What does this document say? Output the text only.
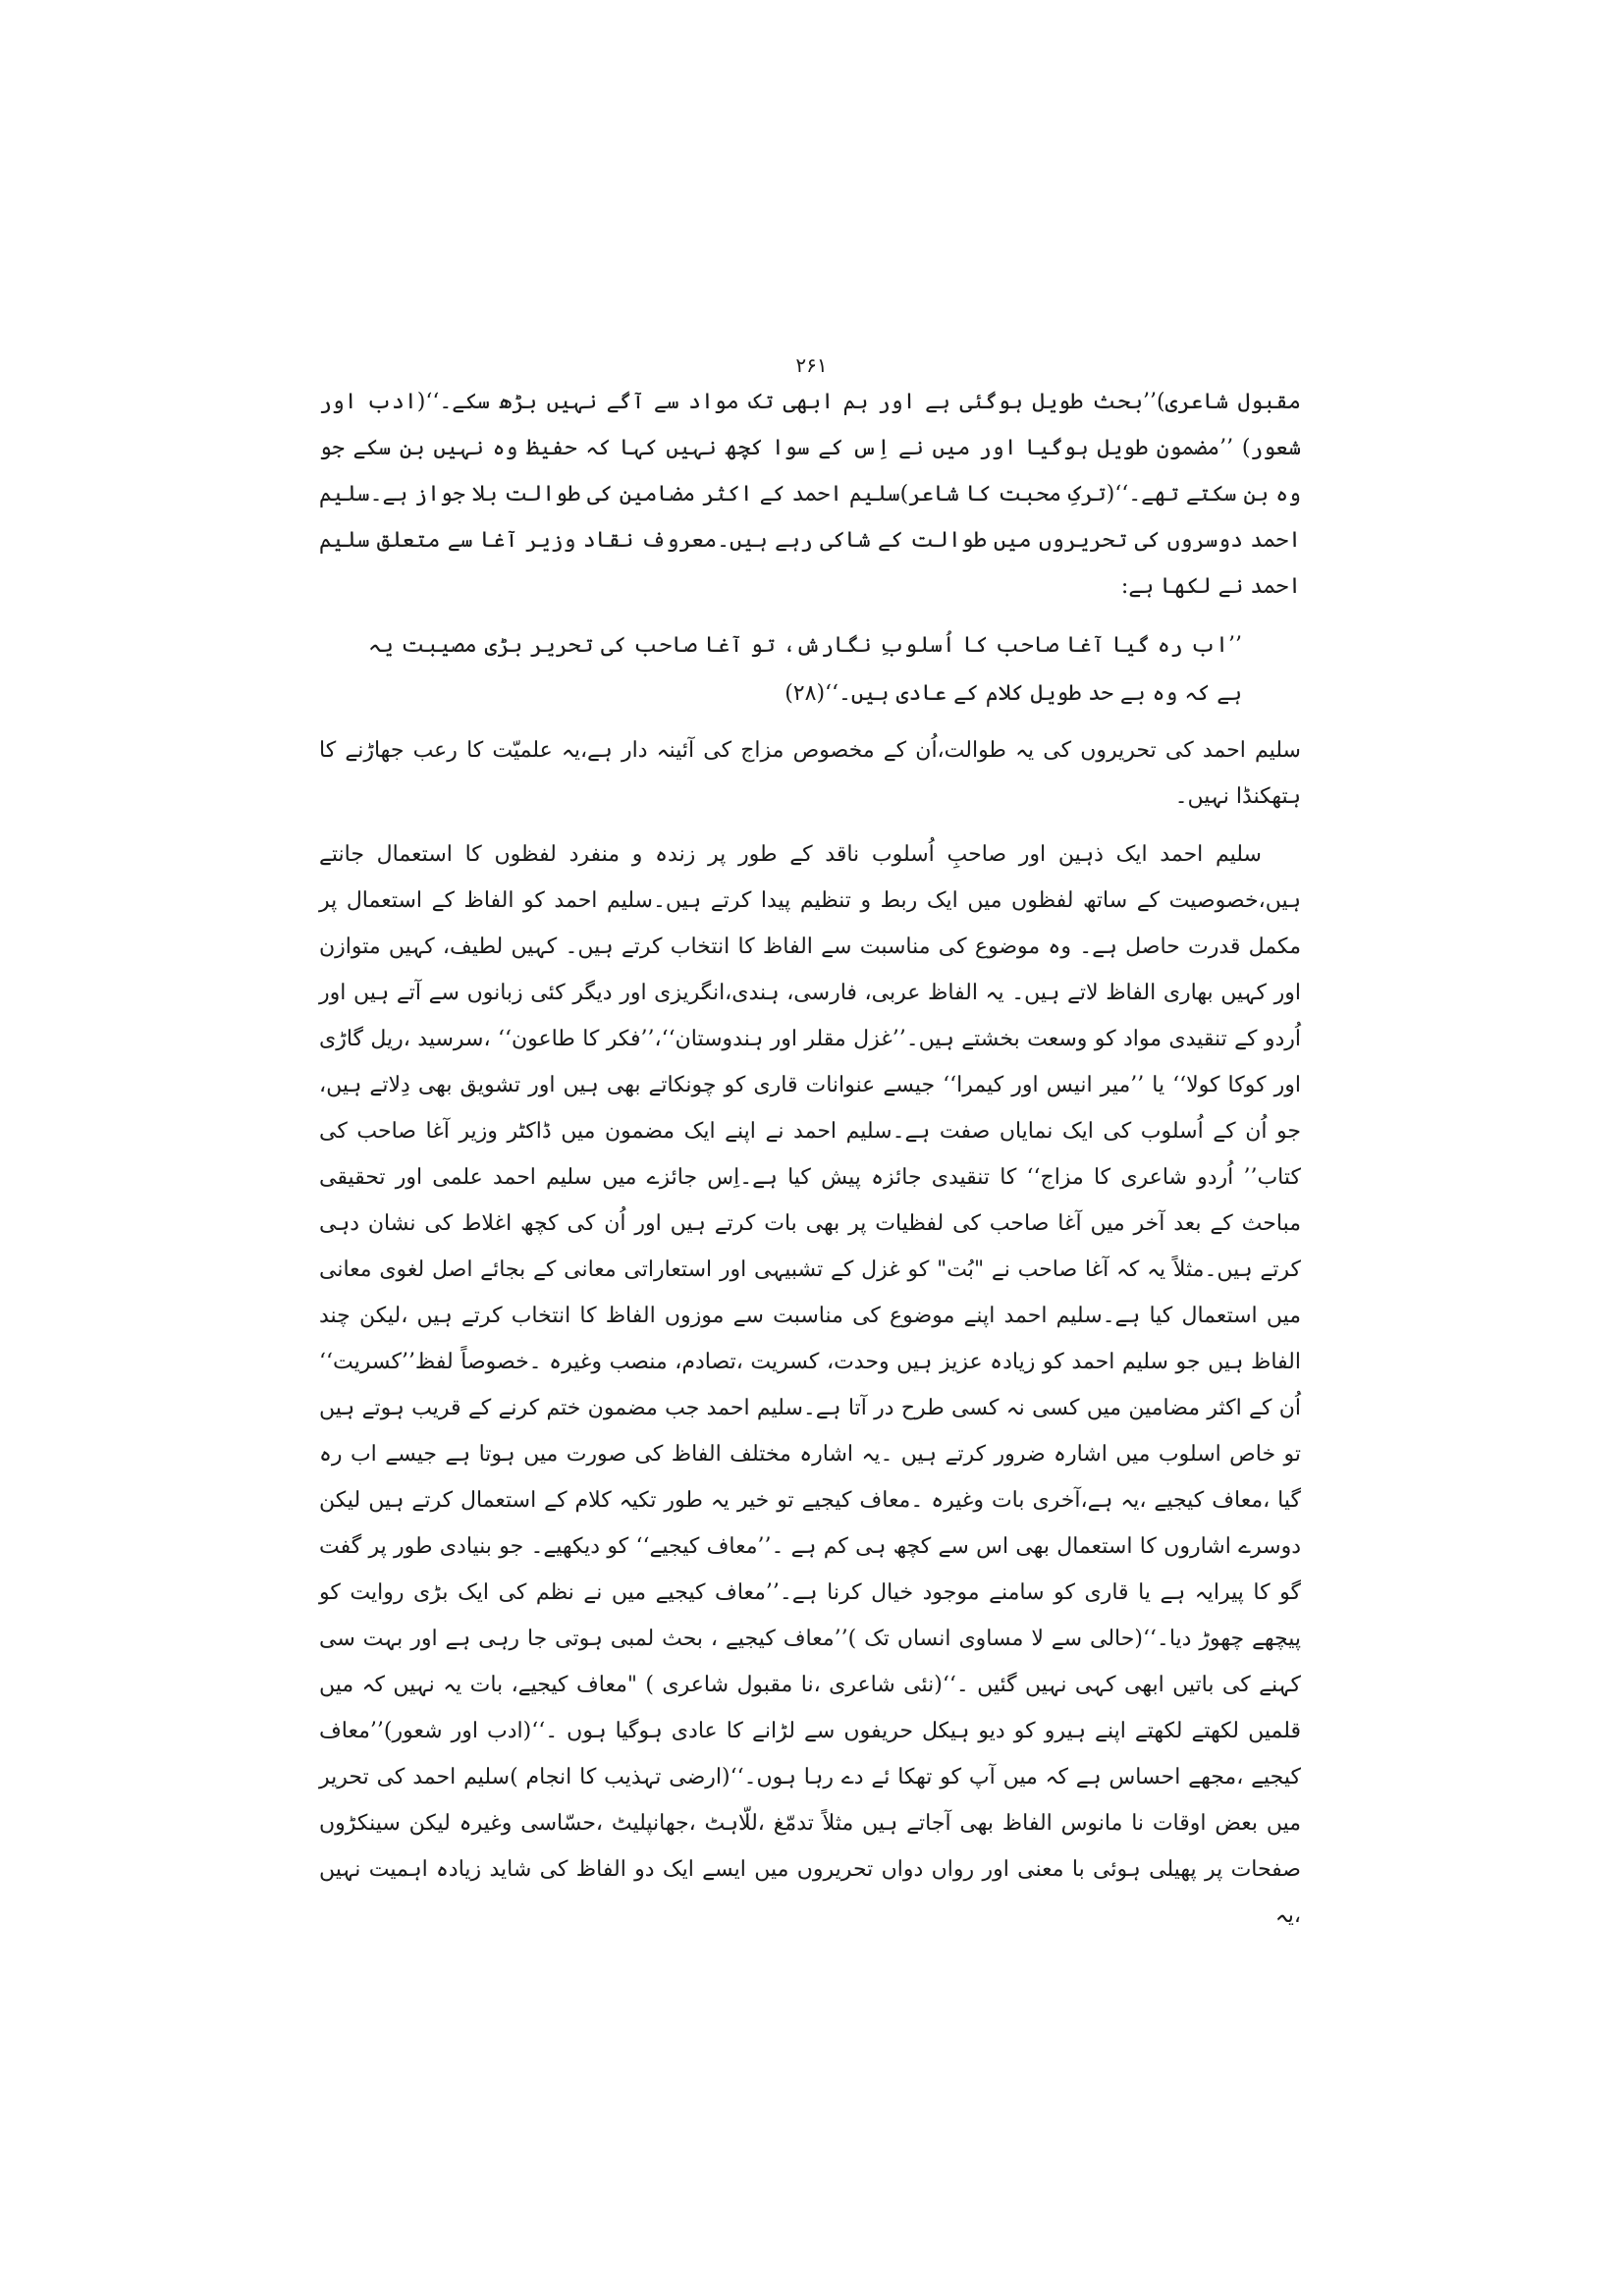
۲۶۱

مقبول شاعری)’’بحث طویل ہوگئی ہے اور ہم ابھی تک مواد سے آگے نہیں بڑھ سکے۔‘‘(ادب اور شعور) ’’مضمون طویل ہوگیا اور میں نے اِس کے سوا کچھ نہیں کہا کہ حفیظ وہ نہیں بن سکے جو وہ بن سکتے تھے۔‘‘(ترکِ محبت کا شاعر)سلیم احمد کے اکثر مضامین کی طوالت بلا جواز ہے۔سلیم احمد دوسروں کی تحریروں میں طوالت کے شاکی رہے ہیں۔معروف نقاد وزیر آغا سے متعلق سلیم احمد نے لکھا ہے:

’’اب رہ گیا آغا صاحب کا اُسلوبِ نگارش، تو آغا صاحب کی تحریر بڑی مصیبت یہ ہے کہ وہ بے حد طویل کلام کے عادی ہیں۔‘‘(۲۸)

سلیم احمد کی تحریروں کی یہ طوالت،اُن کے مخصوص مزاج کی آئینہ دار ہے،یہ علمیّت کا رعب جھاڑنے کا ہتھکنڈا نہیں۔

سلیم احمد ایک ذہین اور صاحبِ اُسلوب ناقد کے طور پر زندہ و منفرد لفظوں کا استعمال جانتے ہیں،خصوصیت کے ساتھ لفظوں میں ایک ربط و تنظیم پیدا کرتے ہیں۔سلیم احمد کو الفاظ کے استعمال پر مکمل قدرت حاصل ہے۔ وہ موضوع کی مناسبت سے الفاظ کا انتخاب کرتے ہیں۔ کہیں لطیف، کہیں متوازن اور کہیں بھاری الفاظ لاتے ہیں۔ یہ الفاظ عربی، فارسی، ہندی،انگریزی اور دیگر کئی زبانوں سے آتے ہیں اور اُردو کے تنقیدی مواد کو وسعت بخشتے ہیں۔’’غزل مقلر اور ہندوستان‘‘،’’فکر کا طاعون‘‘ ،سرسید ،ریل گاڑی اور کوکا کولا‘‘ یا ’’میر انیس اور کیمرا‘‘ جیسے عنوانات قاری کو چونکاتے بھی ہیں اور تشویق بھی دِلاتے ہیں، جو اُن کے اُسلوب کی ایک نمایاں صفت ہے۔سلیم احمد نے اپنے ایک مضمون میں ڈاکٹر وزیر آغا صاحب کی کتاب’’ اُردو شاعری کا مزاج‘‘ کا تنقیدی جائزہ پیش کیا ہے۔اِس جائزے میں سلیم احمد علمی اور تحقیقی مباحث کے بعد آخر میں آغا صاحب کی لفظیات پر بھی بات کرتے ہیں اور اُن کی کچھ اغلاط کی نشان دہی کرتے ہیں۔مثلاً یہ کہ آغا صاحب نے "بُت" کو غزل کے تشبیہی اور استعاراتی معانی کے بجائے اصل لغوی معانی میں استعمال کیا ہے۔سلیم احمد اپنے موضوع کی مناسبت سے موزوں الفاظ کا انتخاب کرتے ہیں ،لیکن چند الفاظ ہیں جو سلیم احمد کو زیادہ عزیز ہیں وحدت، کسریت ،تصادم، منصب وغیرہ ۔خصوصاً لفظ’’کسریت‘‘ اُن کے اکثر مضامین میں کسی نہ کسی طرح در آتا ہے۔سلیم احمد جب مضمون ختم کرنے کے قریب ہوتے ہیں تو خاص اسلوب میں اشارہ ضرور کرتے ہیں ۔یہ اشارہ مختلف الفاظ کی صورت میں ہوتا ہے جیسے اب رہ گیا ،معاف کیجیے ،یہ ہے،آخری بات وغیرہ ۔معاف کیجیے تو خیر یہ طور تکیہ کلام کے استعمال کرتے ہیں لیکن دوسرے اشاروں کا استعمال بھی اس سے کچھ ہی کم ہے ۔’’معاف کیجیے‘‘ کو دیکھیے۔ جو بنیادی طور پر گفت گو کا پیرایہ ہے یا قاری کو سامنے موجود خیال کرنا ہے۔’’معاف کیجیے میں نے نظم کی ایک بڑی روایت کو پیچھے چھوڑ دیا۔‘‘(حالی سے لا مساوی انساں تک )’’معاف کیجیے ، بحث لمبی ہوتی جا رہی ہے اور بہت سی کہنے کی باتیں ابھی کہی نہیں گئیں ۔‘‘(نئی شاعری ،نا مقبول شاعری ) "معاف کیجیے، بات یہ نہیں کہ میں قلمیں لکھتے لکھتے اپنے ہیرو کو دیو ہیکل حریفوں سے لڑانے کا عادی ہوگیا ہوں ۔‘‘(ادب اور شعور)’’معاف کیجیے ،مجھے احساس ہے کہ میں آپ کو تھکا ئے دے رہا ہوں۔‘‘(ارضی تہذیب کا انجام )سلیم احمد کی تحریر میں بعض اوقات نا مانوس الفاظ بھی آجاتے ہیں مثلاً تدمّغ ،للّاہٹ ،جھانپلیٹ ،حسّاسی وغیرہ لیکن سینکڑوں صفحات پر پھیلی ہوئی با معنی اور رواں دواں تحریروں میں ایسے ایک دو الفاظ کی شاید زیادہ اہمیت نہیں ،یہ
